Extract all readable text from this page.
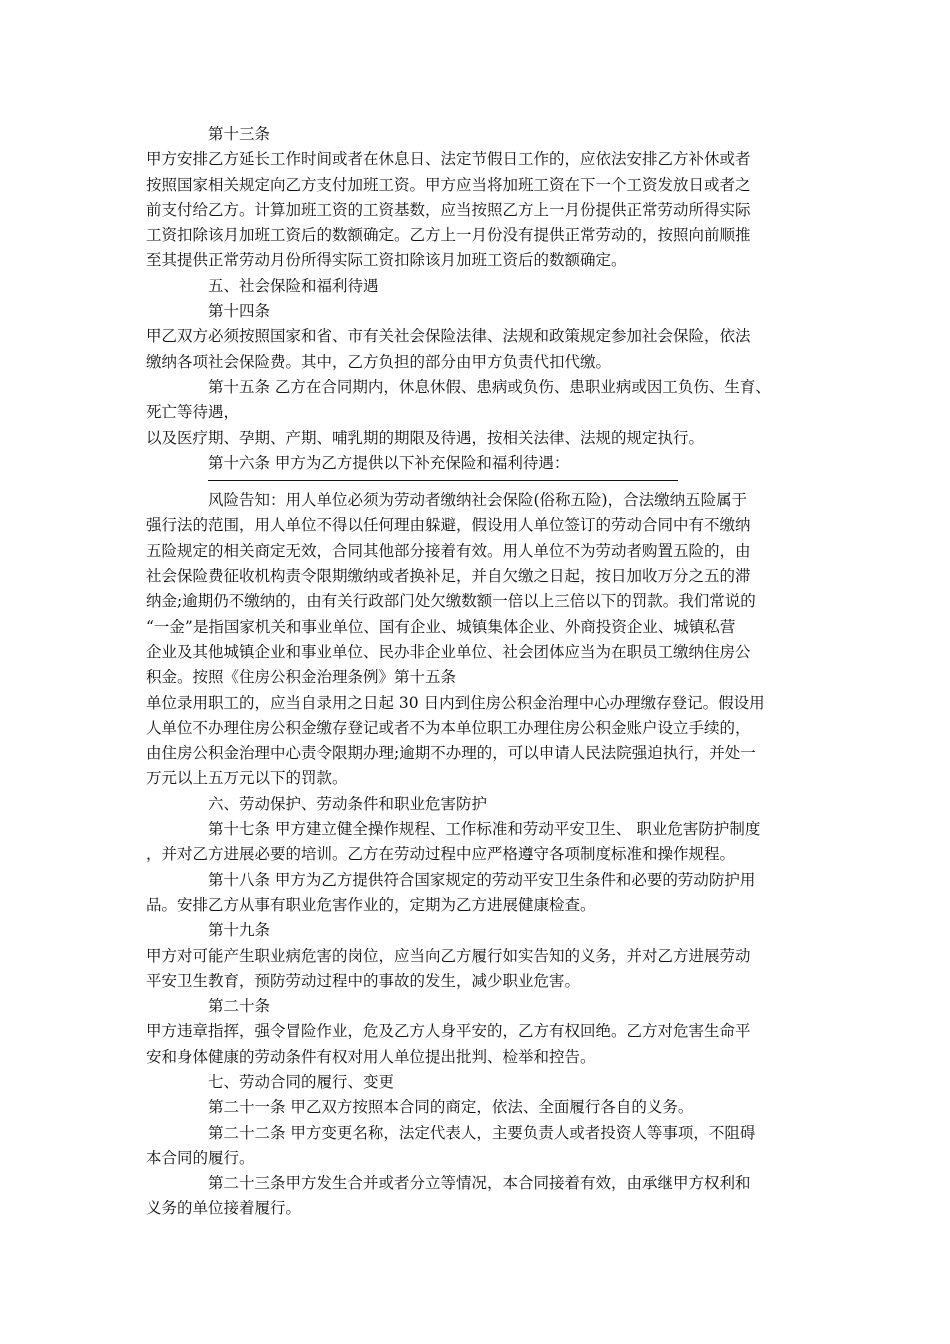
第十三条
甲方安排乙方延长工作时间或者在休息日、法定节假日工作的，应依法安排乙方补休或者
按照国家相关规定向乙方支付加班工资。甲方应当将加班工资在下一个工资发放日或者之
前支付给乙方。计算加班工资的工资基数，应当按照乙方上一月份提供正常劳动所得实际
工资扣除该月加班工资后的数额确定。乙方上一月份没有提供正常劳动的，按照向前顺推
至其提供正常劳动月份所得实际工资扣除该月加班工资后的数额确定。
五、社会保险和福利待遇
第十四条
甲乙双方必须按照国家和省、市有关社会保险法律、法规和政策规定参加社会保险，依法
缴纳各项社会保险费。其中，乙方负担的部分由甲方负责代扣代缴。
第十五条 乙方在合同期内，休息休假、患病或负伤、患职业病或因工负伤、生育、
死亡等待遇，
以及医疗期、孕期、产期、哺乳期的期限及待遇，按相关法律、法规的规定执行。
第十六条 甲方为乙方提供以下补充保险和福利待遇：
风险告知：用人单位必须为劳动者缴纳社会保险(俗称五险)，合法缴纳五险属于
强行法的范围，用人单位不得以任何理由躲避，假设用人单位签订的劳动合同中有不缴纳
五险规定的相关商定无效，合同其他部分接着有效。用人单位不为劳动者购置五险的，由
社会保险费征收机构责令限期缴纳或者换补足，并自欠缴之日起，按日加收万分之五的滞
纳金;逾期仍不缴纳的，由有关行政部门处欠缴数额一倍以上三倍以下的罚款。我们常说的
“一金”是指国家机关和事业单位、国有企业、城镇集体企业、外商投资企业、城镇私营
企业及其他城镇企业和事业单位、民办非企业单位、社会团体应当为在职员工缴纳住房公
积金。按照《住房公积金治理条例》第十五条
单位录用职工的，应当自录用之日起 30 日内到住房公积金治理中心办理缴存登记。假设用
人单位不办理住房公积金缴存登记或者不为本单位职工办理住房公积金账户设立手续的，
由住房公积金治理中心责令限期办理;逾期不办理的，可以申请人民法院强迫执行，并处一
万元以上五万元以下的罚款。
六、劳动保护、劳动条件和职业危害防护
第十七条 甲方建立健全操作规程、工作标准和劳动平安卫生、 职业危害防护制度
，并对乙方进展必要的培训。乙方在劳动过程中应严格遵守各项制度标准和操作规程。
第十八条 甲方为乙方提供符合国家规定的劳动平安卫生条件和必要的劳动防护用
品。安排乙方从事有职业危害作业的，定期为乙方进展健康检查。
第十九条
甲方对可能产生职业病危害的岗位，应当向乙方履行如实告知的义务，并对乙方进展劳动
平安卫生教育，预防劳动过程中的事故的发生，减少职业危害。
第二十条
甲方违章指挥，强令冒险作业，危及乙方人身平安的，乙方有权回绝。乙方对危害生命平
安和身体健康的劳动条件有权对用人单位提出批判、检举和控告。
七、劳动合同的履行、变更
第二十一条 甲乙双方按照本合同的商定，依法、全面履行各自的义务。
第二十二条 甲方变更名称，法定代表人，主要负责人或者投资人等事项，不阻碍
本合同的履行。
第二十三条甲方发生合并或者分立等情况，本合同接着有效，由承继甲方权利和
义务的单位接着履行。
